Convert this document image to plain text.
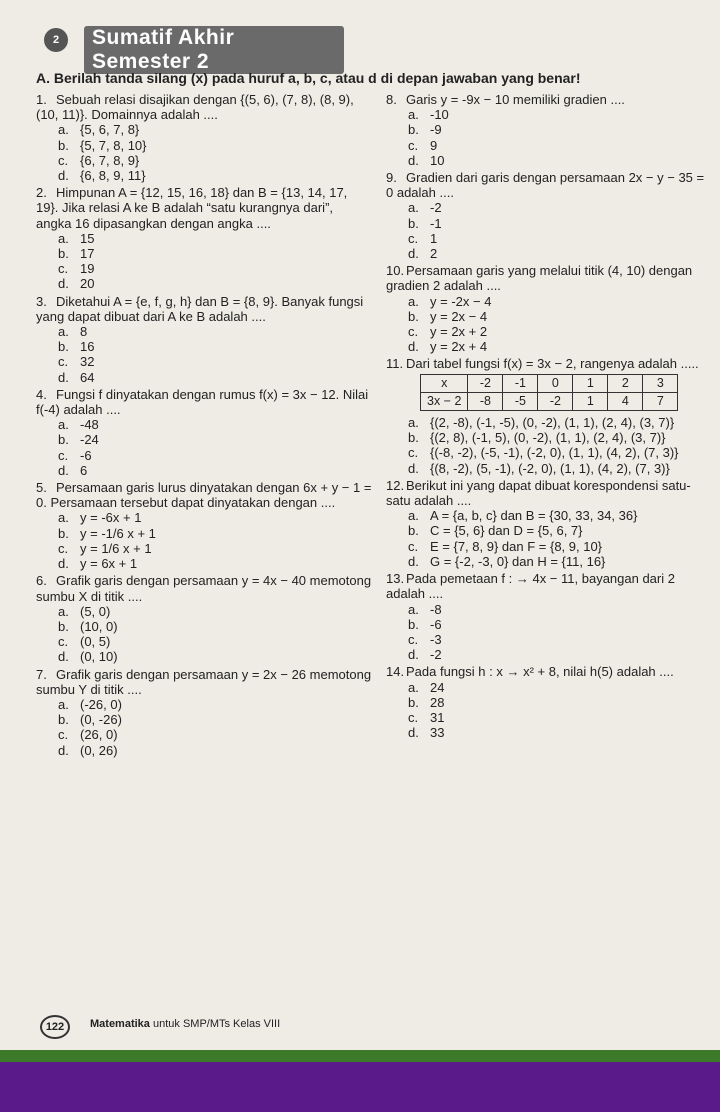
2	Sumatif Akhir Semester 2
A. Berilah tanda silang (x) pada huruf a, b, c, atau d di depan jawaban yang benar!
1. Sebuah relasi disajikan dengan {(5, 6), (7, 8), (8, 9), (10, 11)}. Domainnya adalah ....
a. {5, 6, 7, 8}
b. {5, 7, 8, 10}
c. {6, 7, 8, 9}
d. {6, 8, 9, 11}
2. Himpunan A = {12, 15, 16, 18} dan B = {13, 14, 17, 19}. Jika relasi A ke B adalah “satu kurangnya dari”, angka 16 dipasangkan dengan angka ....
a. 15
b. 17
c. 19
d. 20
3. Diketahui A = {e, f, g, h} dan B = {8, 9}. Banyak fungsi yang dapat dibuat dari A ke B adalah ....
a. 8
b. 16
c. 32
d. 64
4. Fungsi f dinyatakan dengan rumus f(x) = 3x − 12. Nilai f(-4) adalah ....
a. -48
b. -24
c. -6
d. 6
5. Persamaan garis lurus dinyatakan dengan 6x + y − 1 = 0. Persamaan tersebut dapat dinyatakan dengan ....
a. y = -6x + 1
b. y = -1/6 x + 1
c. y = 1/6 x + 1
d. y = 6x + 1
6. Grafik garis dengan persamaan y = 4x − 40 memotong sumbu X di titik ....
a. (5, 0)
b. (10, 0)
c. (0, 5)
d. (0, 10)
7. Grafik garis dengan persamaan y = 2x − 26 memotong sumbu Y di titik ....
a. (-26, 0)
b. (0, -26)
c. (26, 0)
d. (0, 26)
8. Garis y = -9x − 10 memiliki gradien ....
a. -10
b. -9
c. 9
d. 10
9. Gradien dari garis dengan persamaan 2x − y − 35 = 0 adalah ....
a. -2
b. -1
c. 1
d. 2
10. Persamaan garis yang melalui titik (4, 10) dengan gradien 2 adalah ....
a. y = -2x − 4
b. y = 2x − 4
c. y = 2x + 2
d. y = 2x + 4
11. Dari tabel fungsi f(x) = 3x − 2, rangenya adalah .....
x	-2	-1	0	1	2	3
3x − 2	-8	-5	-2	1	4	7
a. {(2, -8), (-1, -5), (0, -2), (1, 1), (2, 4), (3, 7)}
b. {(2, 8), (-1, 5), (0, -2), (1, 1), (2, 4), (3, 7)}
c. {(-8, -2), (-5, -1), (-2, 0), (1, 1), (4, 2), (7, 3)}
d. {(8, -2), (5, -1), (-2, 0), (1, 1), (4, 2), (7, 3)}
12. Berikut ini yang dapat dibuat korespondensi satu-satu adalah ....
a. A = {a, b, c} dan B = {30, 33, 34, 36}
b. C = {5, 6} dan D = {5, 6, 7}
c. E = {7, 8, 9} dan F = {8, 9, 10}
d. G = {-2, -3, 0} dan H = {11, 16}
13. Pada pemetaan f : → 4x − 11, bayangan dari 2 adalah ....
a. -8
b. -6
c. -3
d. -2
14. Pada fungsi h : x → x² + 8, nilai h(5) adalah ....
a. 24
b. 28
c. 31
d. 33
122	Matematika untuk SMP/MTs Kelas VIII
